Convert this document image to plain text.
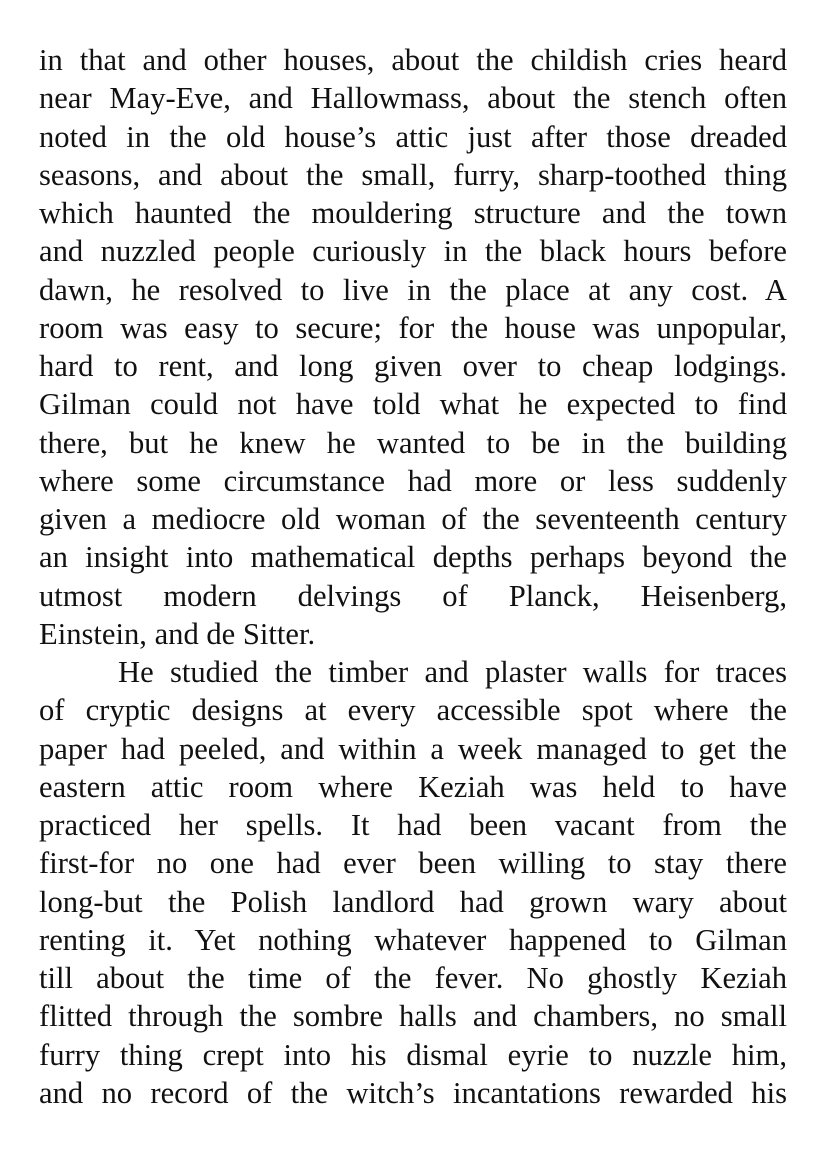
in that and other houses, about the childish cries heard
near May-Eve, and Hallowmass, about the stench often
noted in the old house’s attic just after those dreaded
seasons, and about the small, furry, sharp-toothed thing
which haunted the mouldering structure and the town
and nuzzled people curiously in the black hours before
dawn, he resolved to live in the place at any cost. A
room was easy to secure; for the house was unpopular,
hard to rent, and long given over to cheap lodgings.
Gilman could not have told what he expected to find
there, but he knew he wanted to be in the building
where some circumstance had more or less suddenly
given a mediocre old woman of the seventeenth century
an insight into mathematical depths perhaps beyond the
utmost modern delvings of Planck, Heisenberg,
Einstein, and de Sitter.
He studied the timber and plaster walls for traces
of cryptic designs at every accessible spot where the
paper had peeled, and within a week managed to get the
eastern attic room where Keziah was held to have
practiced her spells. It had been vacant from the
first-for no one had ever been willing to stay there
long-but the Polish landlord had grown wary about
renting it. Yet nothing whatever happened to Gilman
till about the time of the fever. No ghostly Keziah
flitted through the sombre halls and chambers, no small
furry thing crept into his dismal eyrie to nuzzle him,
and no record of the witch’s incantations rewarded his
